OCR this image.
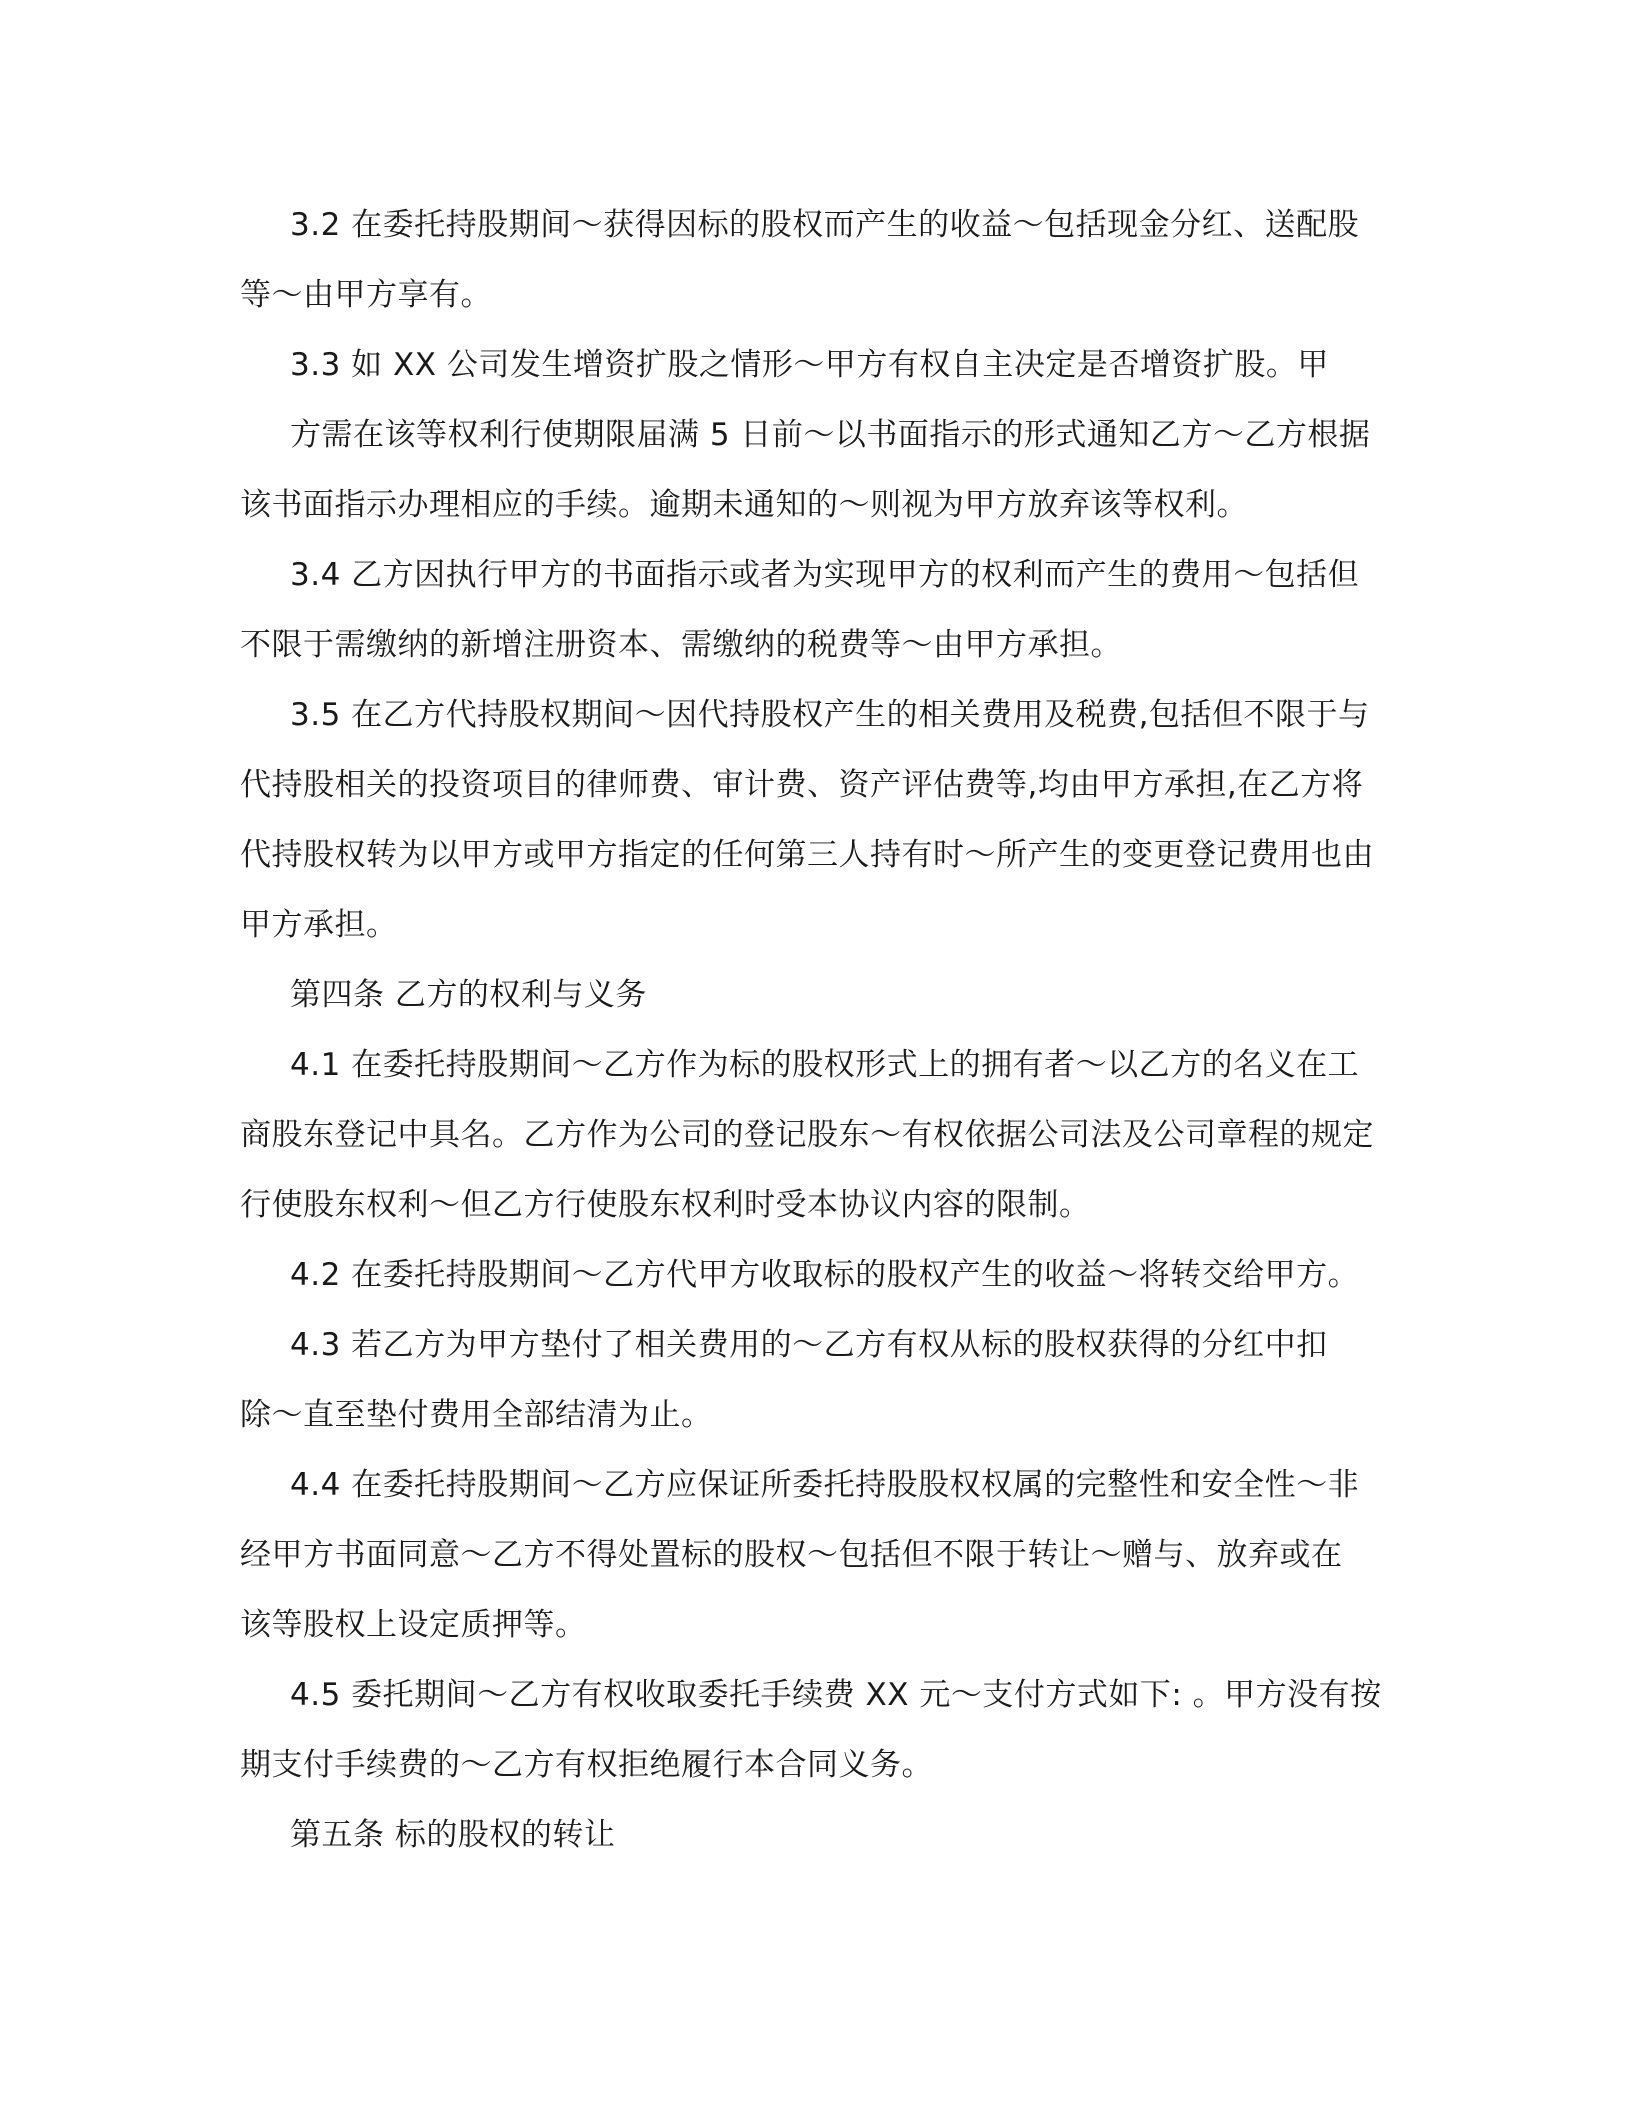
3.2 在委托持股期间～获得因标的股权而产生的收益～包括现金分红、送配股
等～由甲方享有。
3.3 如 XX 公司发生增资扩股之情形～甲方有权自主决定是否增资扩股。甲
方需在该等权利行使期限届满 5 日前～以书面指示的形式通知乙方～乙方根据
该书面指示办理相应的手续。逾期未通知的～则视为甲方放弃该等权利。
3.4 乙方因执行甲方的书面指示或者为实现甲方的权利而产生的费用～包括但
不限于需缴纳的新增注册资本、需缴纳的税费等～由甲方承担。
3.5 在乙方代持股权期间～因代持股权产生的相关费用及税费,包括但不限于与
代持股相关的投资项目的律师费、审计费、资产评估费等,均由甲方承担,在乙方将
代持股权转为以甲方或甲方指定的任何第三人持有时～所产生的变更登记费用也由
甲方承担。
第四条 乙方的权利与义务
4.1 在委托持股期间～乙方作为标的股权形式上的拥有者～以乙方的名义在工
商股东登记中具名。乙方作为公司的登记股东～有权依据公司法及公司章程的规定
行使股东权利～但乙方行使股东权利时受本协议内容的限制。
4.2 在委托持股期间～乙方代甲方收取标的股权产生的收益～将转交给甲方。
4.3 若乙方为甲方垫付了相关费用的～乙方有权从标的股权获得的分红中扣
除～直至垫付费用全部结清为止。
4.4 在委托持股期间～乙方应保证所委托持股股权权属的完整性和安全性～非
经甲方书面同意～乙方不得处置标的股权～包括但不限于转让～赠与、放弃或在
该等股权上设定质押等。
4.5 委托期间～乙方有权收取委托手续费 XX 元～支付方式如下: 。甲方没有按
期支付手续费的～乙方有权拒绝履行本合同义务。
第五条 标的股权的转让
